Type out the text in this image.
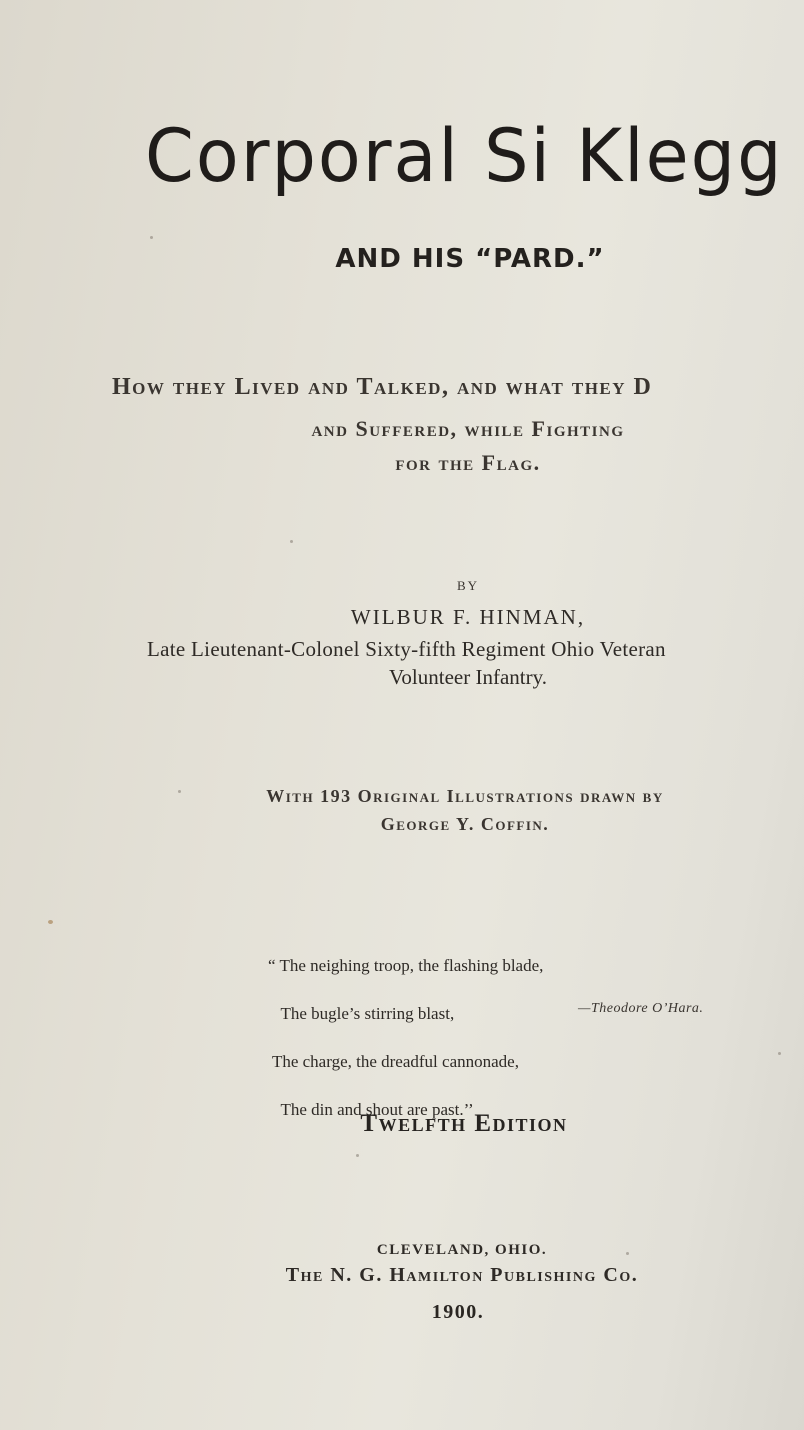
Corporal Si Klegg
AND HIS “PARD.”
How they Lived and Talked, and what they D
and Suffered, while Fighting
for the Flag.
BY
WILBUR F. HINMAN,
Late Lieutenant-Colonel Sixty-fifth Regiment Ohio Veteran
Volunteer Infantry.
With 193 Original Illustrations drawn by
George Y. Coffin.

“ The neighing troop, the flashing blade,

The bugle’s stirring blast,

The charge, the dreadful cannonade,

The din and shout are past.’’

—Theodore O’Hara.
Twelfth Edition
CLEVELAND, OHIO.
The N. G. Hamilton Publishing Co.
1900.
